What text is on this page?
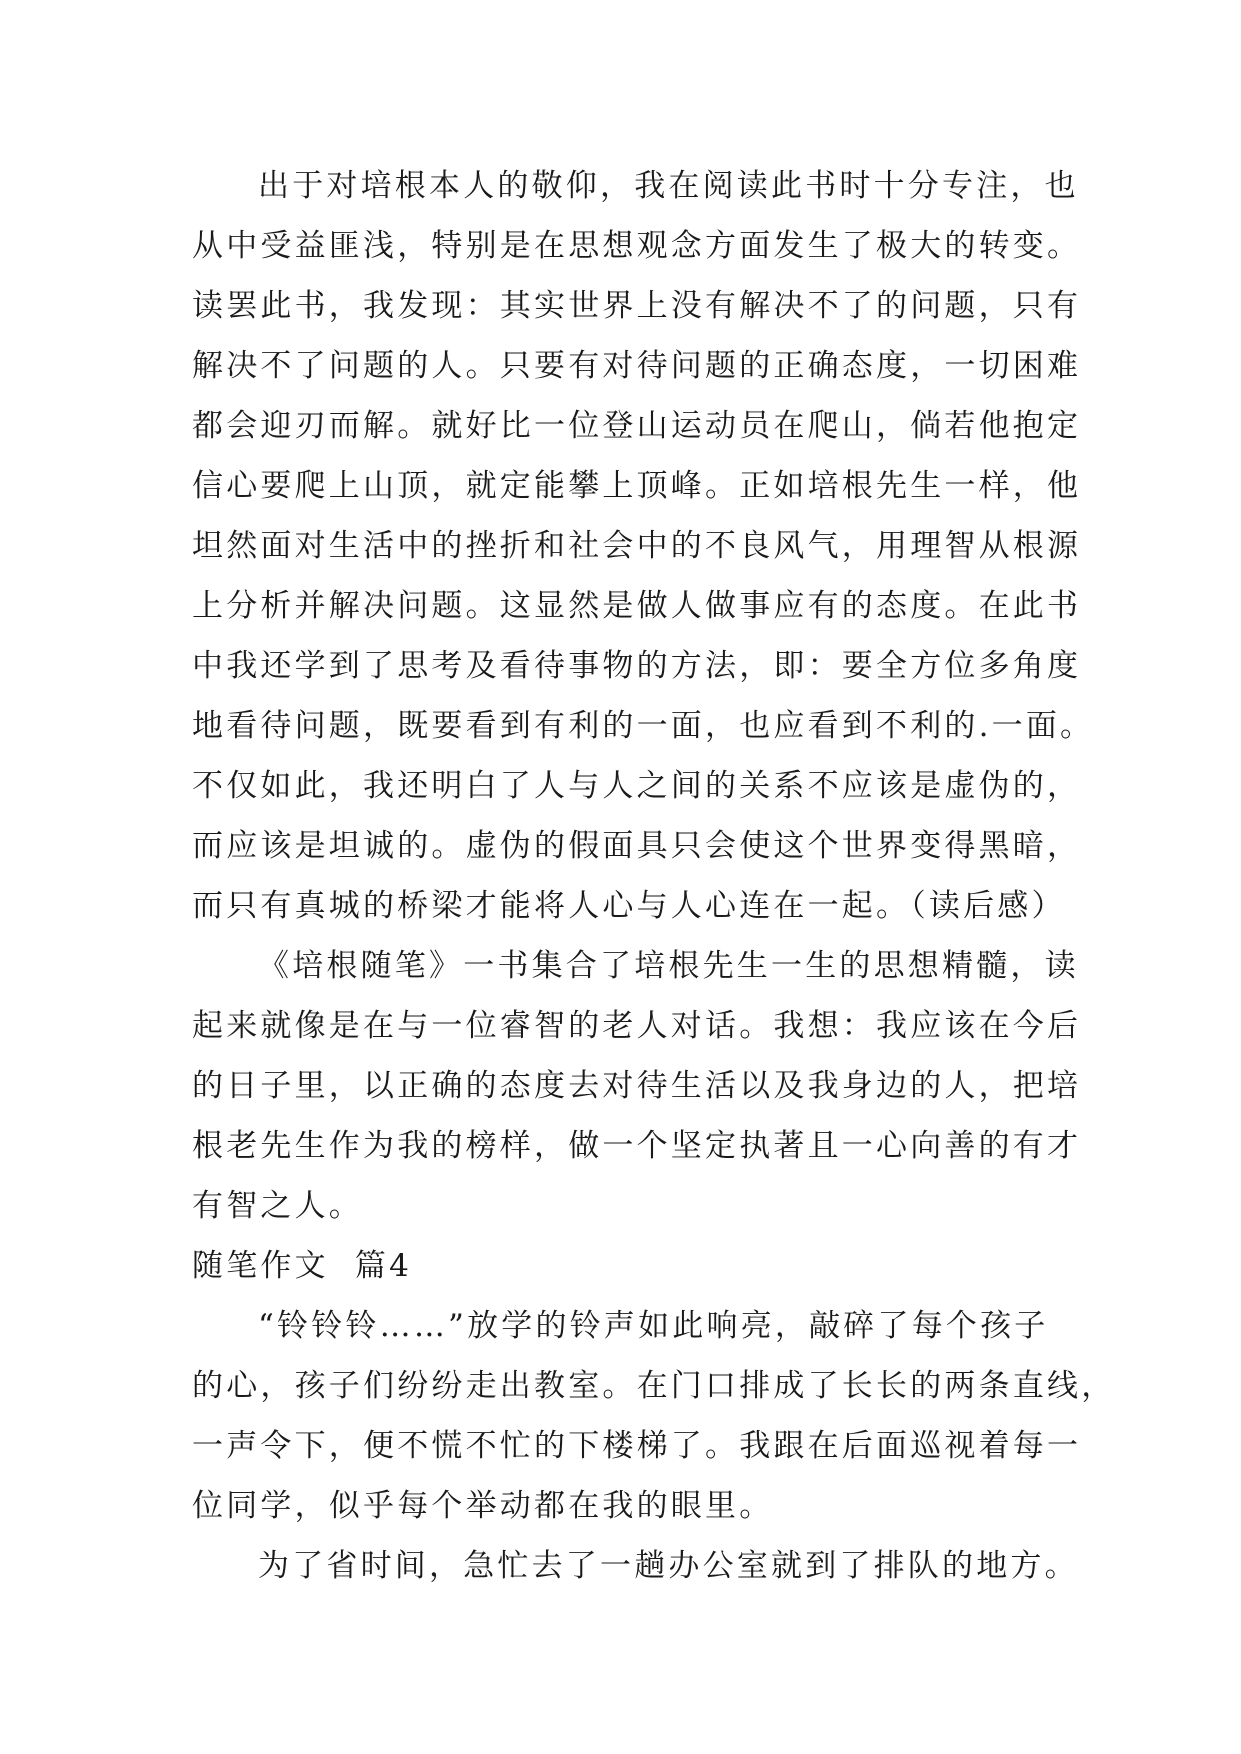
出于对培根本人的敬仰，我在阅读此书时十分专注，也
从中受益匪浅，特别是在思想观念方面发生了极大的转变。
读罢此书，我发现：其实世界上没有解决不了的问题，只有
解决不了问题的人。只要有对待问题的正确态度，一切困难
都会迎刃而解。就好比一位登山运动员在爬山，倘若他抱定
信心要爬上山顶，就定能攀上顶峰。正如培根先生一样，他
坦然面对生活中的挫折和社会中的不良风气，用理智从根源
上分析并解决问题。这显然是做人做事应有的态度。在此书
中我还学到了思考及看待事物的方法，即：要全方位多角度
地看待问题，既要看到有利的一面，也应看到不利的.一面。
不仅如此，我还明白了人与人之间的关系不应该是虚伪的，
而应该是坦诚的。虚伪的假面具只会使这个世界变得黑暗，
而只有真城的桥梁才能将人心与人心连在一起。（读后感）
《培根随笔》一书集合了培根先生一生的思想精髓，读
起来就像是在与一位睿智的老人对话。我想：我应该在今后
的日子里，以正确的态度去对待生活以及我身边的人，把培
根老先生作为我的榜样，做一个坚定执著且一心向善的有才
有智之人。
随笔作文  篇4
“铃铃铃……”放学的铃声如此响亮，敲碎了每个孩子
的心，孩子们纷纷走出教室。在门口排成了长长的两条直线，
一声令下，便不慌不忙的下楼梯了。我跟在后面巡视着每一
位同学，似乎每个举动都在我的眼里。
为了省时间，急忙去了一趟办公室就到了排队的地方。
